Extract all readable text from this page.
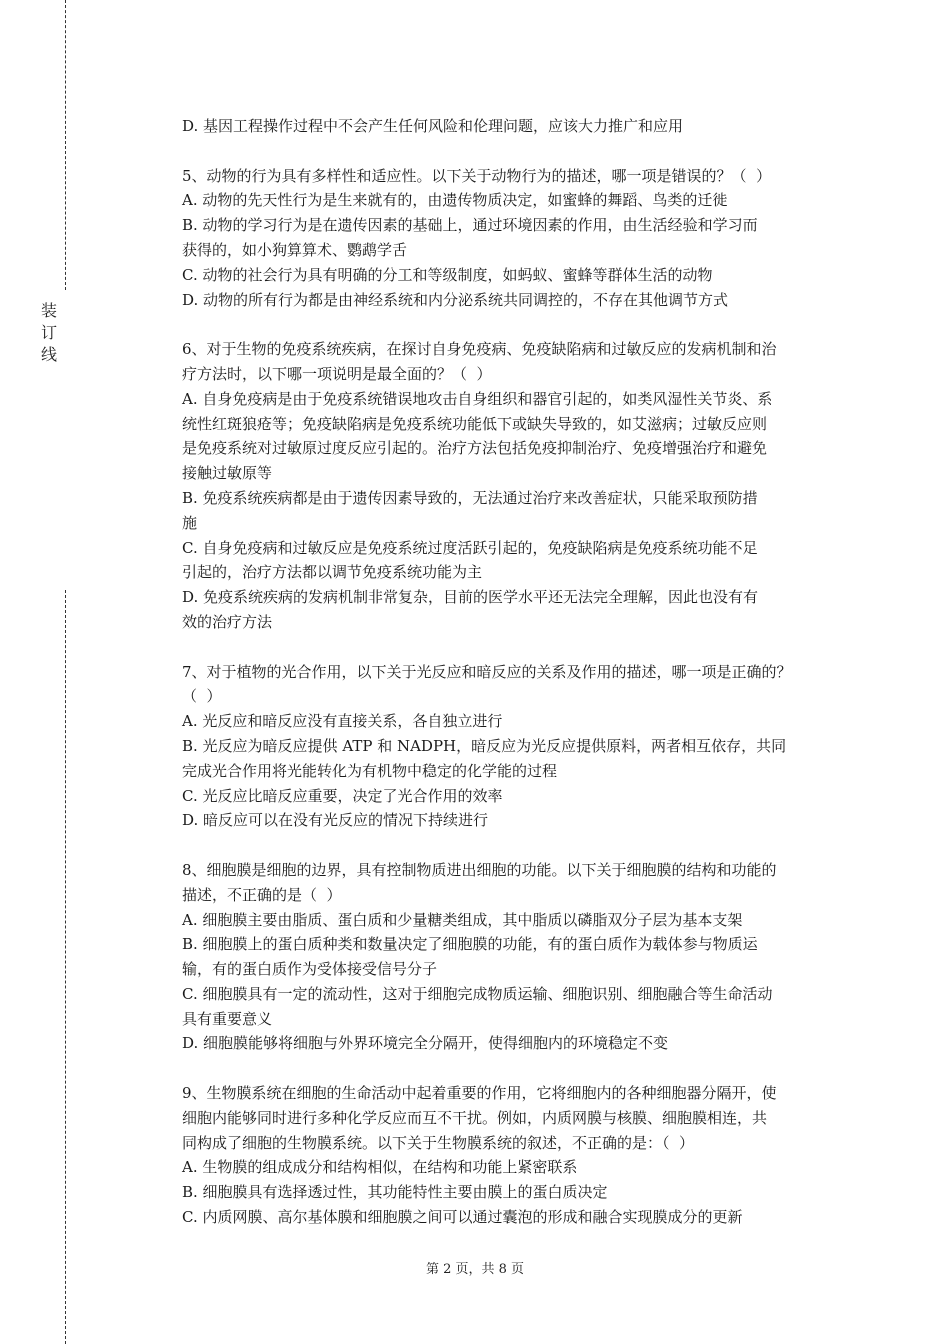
装订线

D. 基因工程操作过程中不会产生任何风险和伦理问题，应该大力推广和应用

5、动物的行为具有多样性和适应性。以下关于动物行为的描述，哪一项是错误的？（  ）

A. 动物的先天性行为是生来就有的，由遗传物质决定，如蜜蜂的舞蹈、鸟类的迁徙

B. 动物的学习行为是在遗传因素的基础上，通过环境因素的作用，由生活经验和学习而

获得的，如小狗算算术、鹦鹉学舌

C. 动物的社会行为具有明确的分工和等级制度，如蚂蚁、蜜蜂等群体生活的动物

D. 动物的所有行为都是由神经系统和内分泌系统共同调控的，不存在其他调节方式

6、对于生物的免疫系统疾病，在探讨自身免疫病、免疫缺陷病和过敏反应的发病机制和治

疗方法时，以下哪一项说明是最全面的？（  ）

A. 自身免疫病是由于免疫系统错误地攻击自身组织和器官引起的，如类风湿性关节炎、系

统性红斑狼疮等；免疫缺陷病是免疫系统功能低下或缺失导致的，如艾滋病；过敏反应则

是免疫系统对过敏原过度反应引起的。治疗方法包括免疫抑制治疗、免疫增强治疗和避免

接触过敏原等

B. 免疫系统疾病都是由于遗传因素导致的，无法通过治疗来改善症状，只能采取预防措

施

C. 自身免疫病和过敏反应是免疫系统过度活跃引起的，免疫缺陷病是免疫系统功能不足

引起的，治疗方法都以调节免疫系统功能为主

D. 免疫系统疾病的发病机制非常复杂，目前的医学水平还无法完全理解，因此也没有有

效的治疗方法

7、对于植物的光合作用，以下关于光反应和暗反应的关系及作用的描述，哪一项是正确的？

（  ）

A. 光反应和暗反应没有直接关系，各自独立进行

B. 光反应为暗反应提供 ATP 和 NADPH，暗反应为光反应提供原料，两者相互依存，共同

完成光合作用将光能转化为有机物中稳定的化学能的过程

C. 光反应比暗反应重要，决定了光合作用的效率

D. 暗反应可以在没有光反应的情况下持续进行

8、细胞膜是细胞的边界，具有控制物质进出细胞的功能。以下关于细胞膜的结构和功能的

描述，不正确的是（  ）

A. 细胞膜主要由脂质、蛋白质和少量糖类组成，其中脂质以磷脂双分子层为基本支架

B. 细胞膜上的蛋白质种类和数量决定了细胞膜的功能，有的蛋白质作为载体参与物质运

输，有的蛋白质作为受体接受信号分子

C. 细胞膜具有一定的流动性，这对于细胞完成物质运输、细胞识别、细胞融合等生命活动

具有重要意义

D. 细胞膜能够将细胞与外界环境完全分隔开，使得细胞内的环境稳定不变

9、生物膜系统在细胞的生命活动中起着重要的作用，它将细胞内的各种细胞器分隔开，使

细胞内能够同时进行多种化学反应而互不干扰。例如，内质网膜与核膜、细胞膜相连，共

同构成了细胞的生物膜系统。以下关于生物膜系统的叙述，不正确的是：（  ）

A. 生物膜的组成成分和结构相似，在结构和功能上紧密联系

B. 细胞膜具有选择透过性，其功能特性主要由膜上的蛋白质决定

C. 内质网膜、高尔基体膜和细胞膜之间可以通过囊泡的形成和融合实现膜成分的更新

第 2 页，共 8 页
